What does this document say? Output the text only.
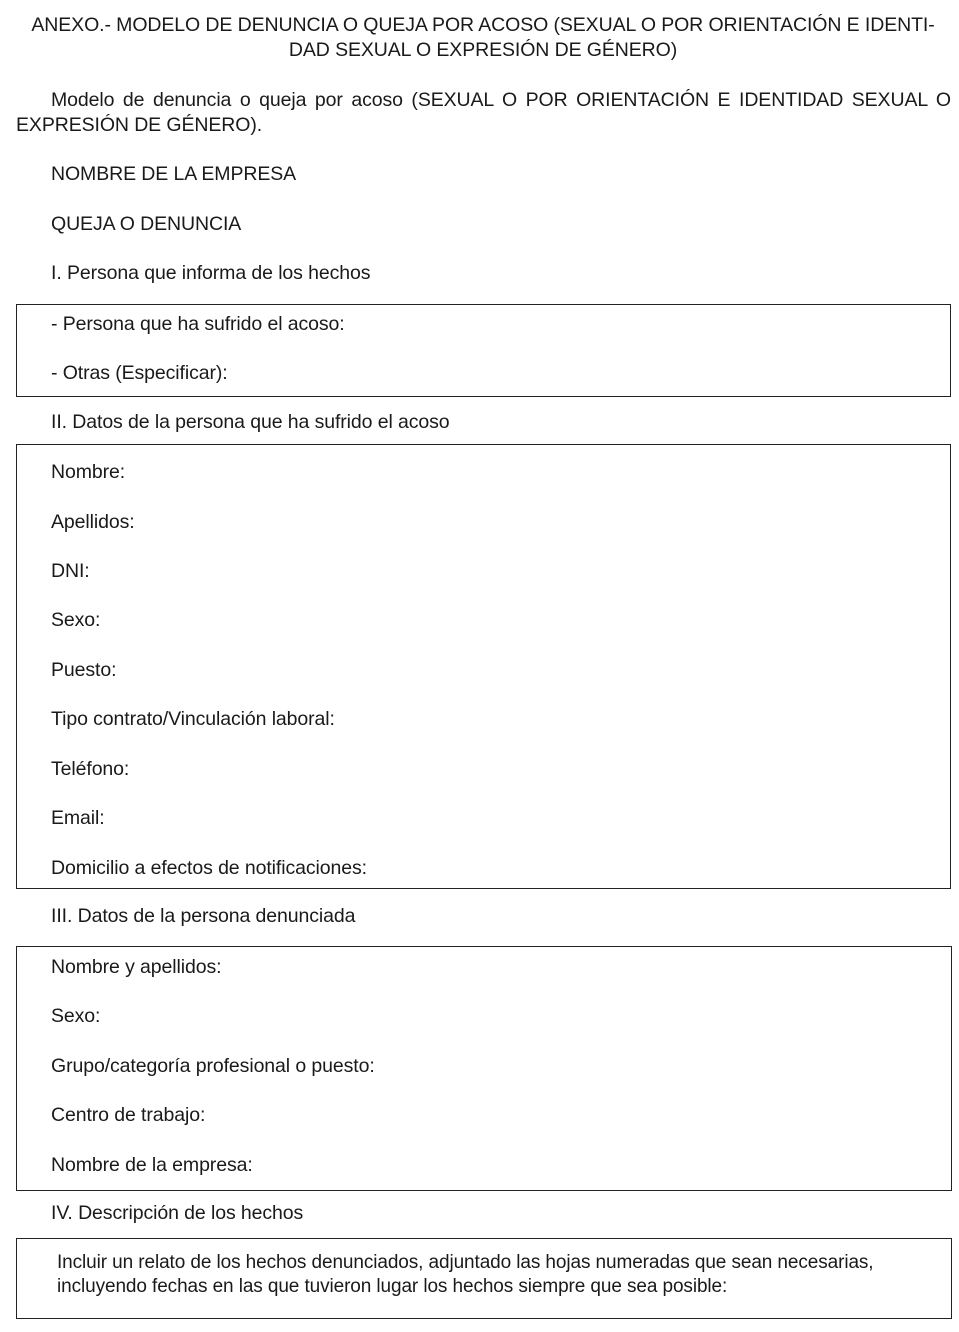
ANEXO.- MODELO DE DENUNCIA O QUEJA POR ACOSO (SEXUAL O POR ORIENTACIÓN E IDENTI- DAD SEXUAL O EXPRESIÓN DE GÉNERO)
Modelo de denuncia o queja por acoso (SEXUAL O POR ORIENTACIÓN E IDENTIDAD SEXUAL O EXPRESIÓN DE GÉNERO).
NOMBRE DE LA EMPRESA
QUEJA O DENUNCIA
I. Persona que informa de los hechos
- Persona que ha sufrido el acoso:
- Otras (Especificar):
II. Datos de la persona que ha sufrido el acoso
Nombre:
Apellidos:
DNI:
Sexo:
Puesto:
Tipo contrato/Vinculación laboral:
Teléfono:
Email:
Domicilio a efectos de notificaciones:
III. Datos de la persona denunciada
Nombre y apellidos:
Sexo:
Grupo/categoría profesional o puesto:
Centro de trabajo:
Nombre de la empresa:
IV. Descripción de los hechos
Incluir un relato de los hechos denunciados, adjuntado las hojas numeradas que sean necesarias, incluyendo fechas en las que tuvieron lugar los hechos siempre que sea posible:
